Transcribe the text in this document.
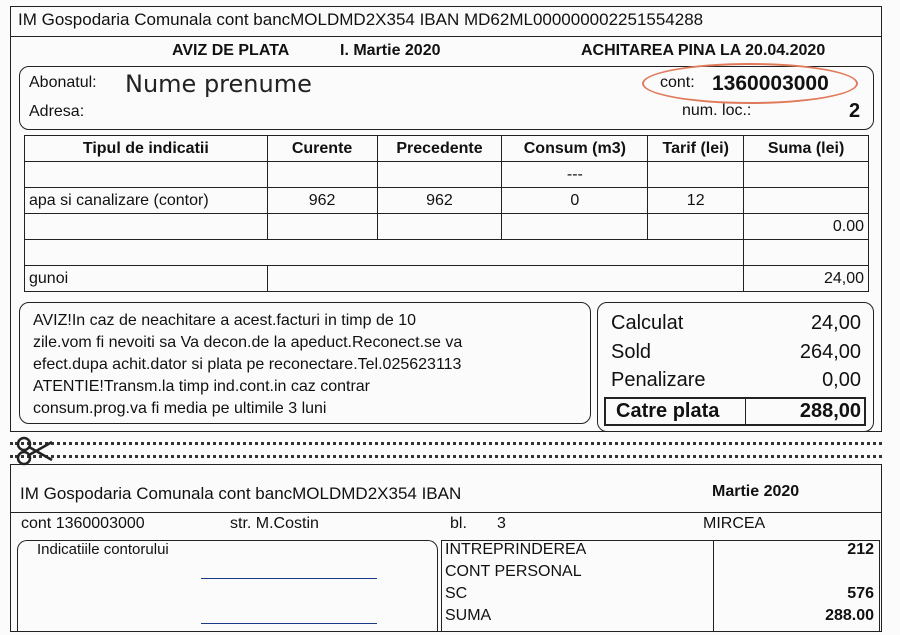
IM Gospodaria Comunala cont bancMOLDMD2X354 IBAN MD62ML000000002251554288
AVIZ DE PLATA	I. Martie 2020	ACHITAREA PINA LA 20.04.2020
Abonatul: Nume prenume
Adresa:
cont: 1360003000
num. loc.:	2
Tipul de indicatii	Curente	Precedente	Consum (m3)	Tarif (lei)	Suma (lei)
			---		
apa si canalizare (contor)	962	962	0	12	
					0.00

gunoi					24,00
AVIZ!In caz de neachitare a acest.facturi in timp de 10
zile.vom fi nevoiti sa Va decon.de la apeduct.Reconect.se va
efect.dupa achit.dator si plata pe reconectare.Tel.025623113
ATENTIE!Transm.la timp ind.cont.in caz contrar
consum.prog.va fi media pe ultimile 3 luni
Calculat	24,00
Sold	264,00
Penalizare	0,00
Catre plata	288,00
IM Gospodaria Comunala cont bancMOLDMD2X354 IBAN	Martie 2020
cont 1360003000	str. M.Costin	bl. 3	MIRCEA
Indicatiile contorului	INTREPRINDEREA	212
CONT PERSONAL
SC	576
SUMA	288.00
